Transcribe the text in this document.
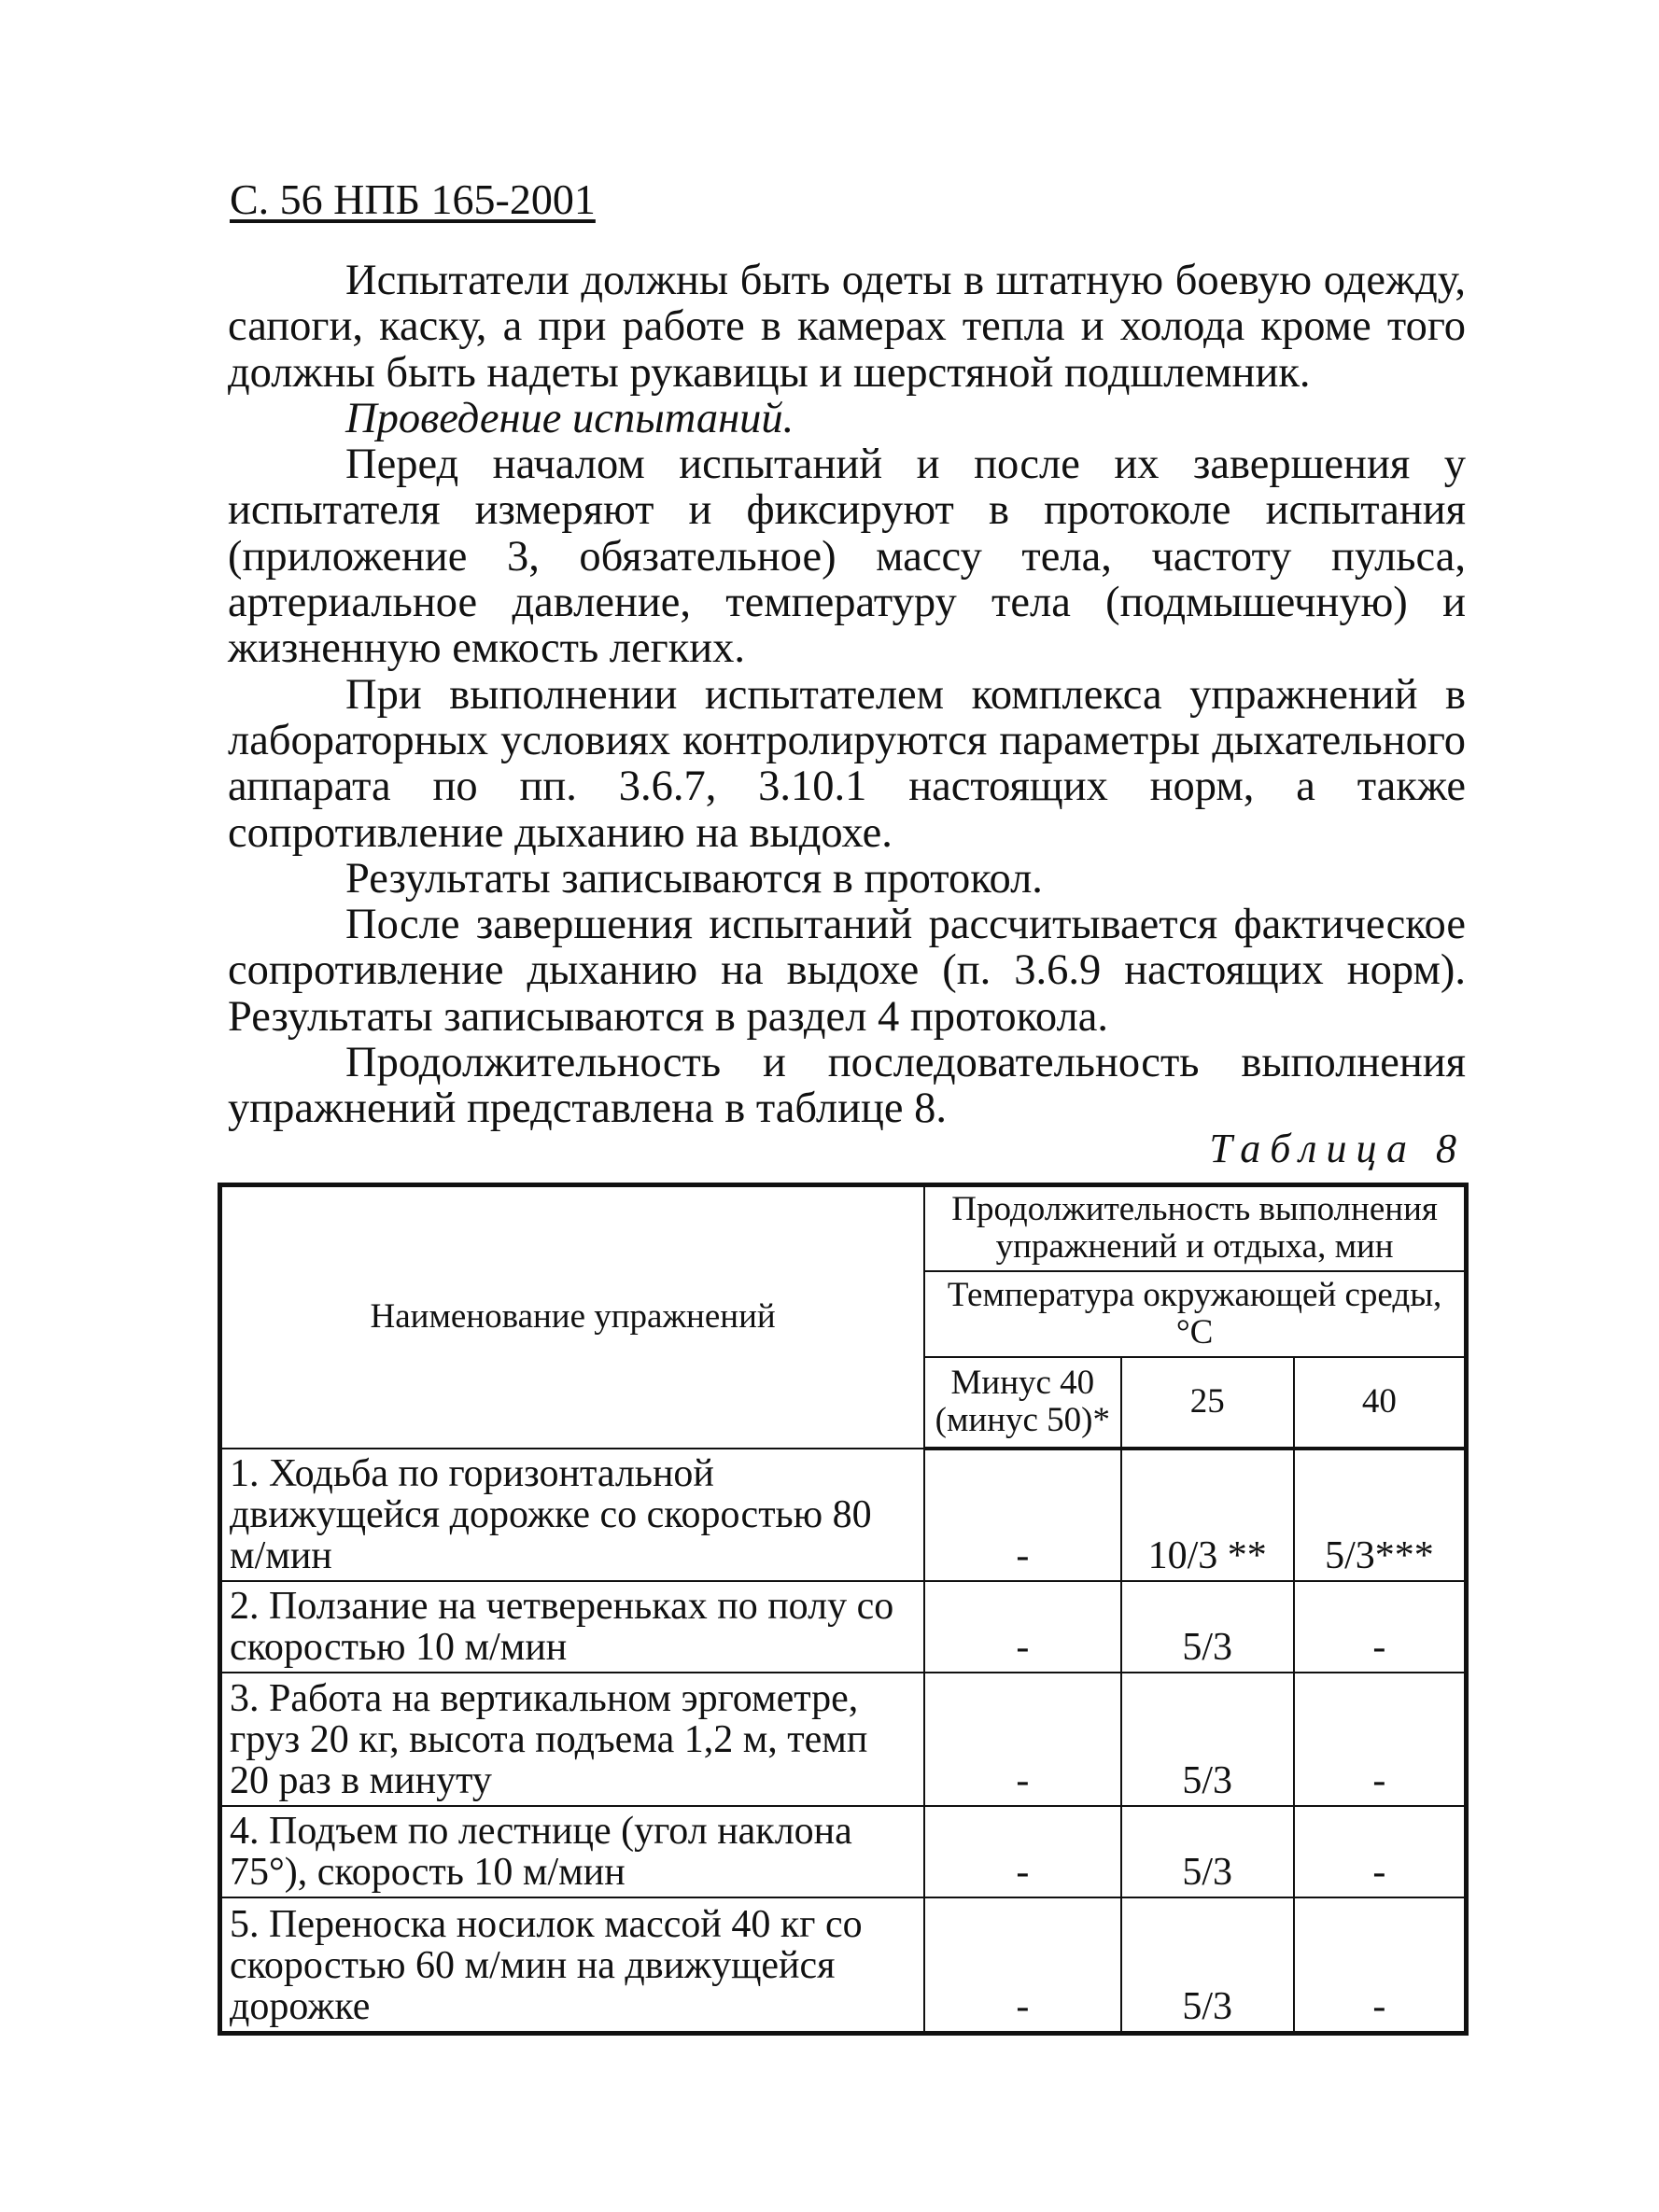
С. 56 НПБ 165-2001

Испытатели должны быть одеты в штатную боевую одежду, сапоги, каску, а при работе в камерах тепла и холода кроме того должны быть надеты рукавицы и шерстяной подшлемник.

Проведение испытаний.

Перед началом испытаний и после их завершения у испытателя измеряют и фиксируют в протоколе испытания (приложение 3, обязательное) массу тела, частоту пульса, артериальное давление, температуру тела (подмышечную) и жизненную емкость легких.

При выполнении испытателем комплекса упражнений в лабораторных условиях контролируются параметры дыхательного аппарата по пп. 3.6.7, 3.10.1 настоящих норм, а также сопротивление дыханию на выдохе.

Результаты записываются в протокол.

После завершения испытаний рассчитывается фактическое сопротивление дыханию на выдохе (п. 3.6.9 настоящих норм). Результаты записываются в раздел 4 протокола.

Продолжительность и последовательность выполнения упражнений представлена в таблице 8.

Таблица 8
Наименование упражнений	Продолжительность выполнения упражнений и отдыха, мин		
	Температура окружающей среды, °С		
	Минус 40 (минус 50)*	25	40
1. Ходьба по горизонтальной движущейся дорожке со скоростью 80 м/мин	-	10/3 **	5/3***
2. Ползание на четвереньках по полу со скоростью 10 м/мин	-	5/3	-
3. Работа на вертикальном эргометре, груз 20 кг, высота подъема 1,2 м, темп 20 раз в минуту	-	5/3	-
4. Подъем по лестнице (угол наклона 75°), скорость 10 м/мин	-	5/3	-
5. Переноска носилок массой 40 кг со скоростью 60 м/мин на движущейся дорожке	-	5/3	-
